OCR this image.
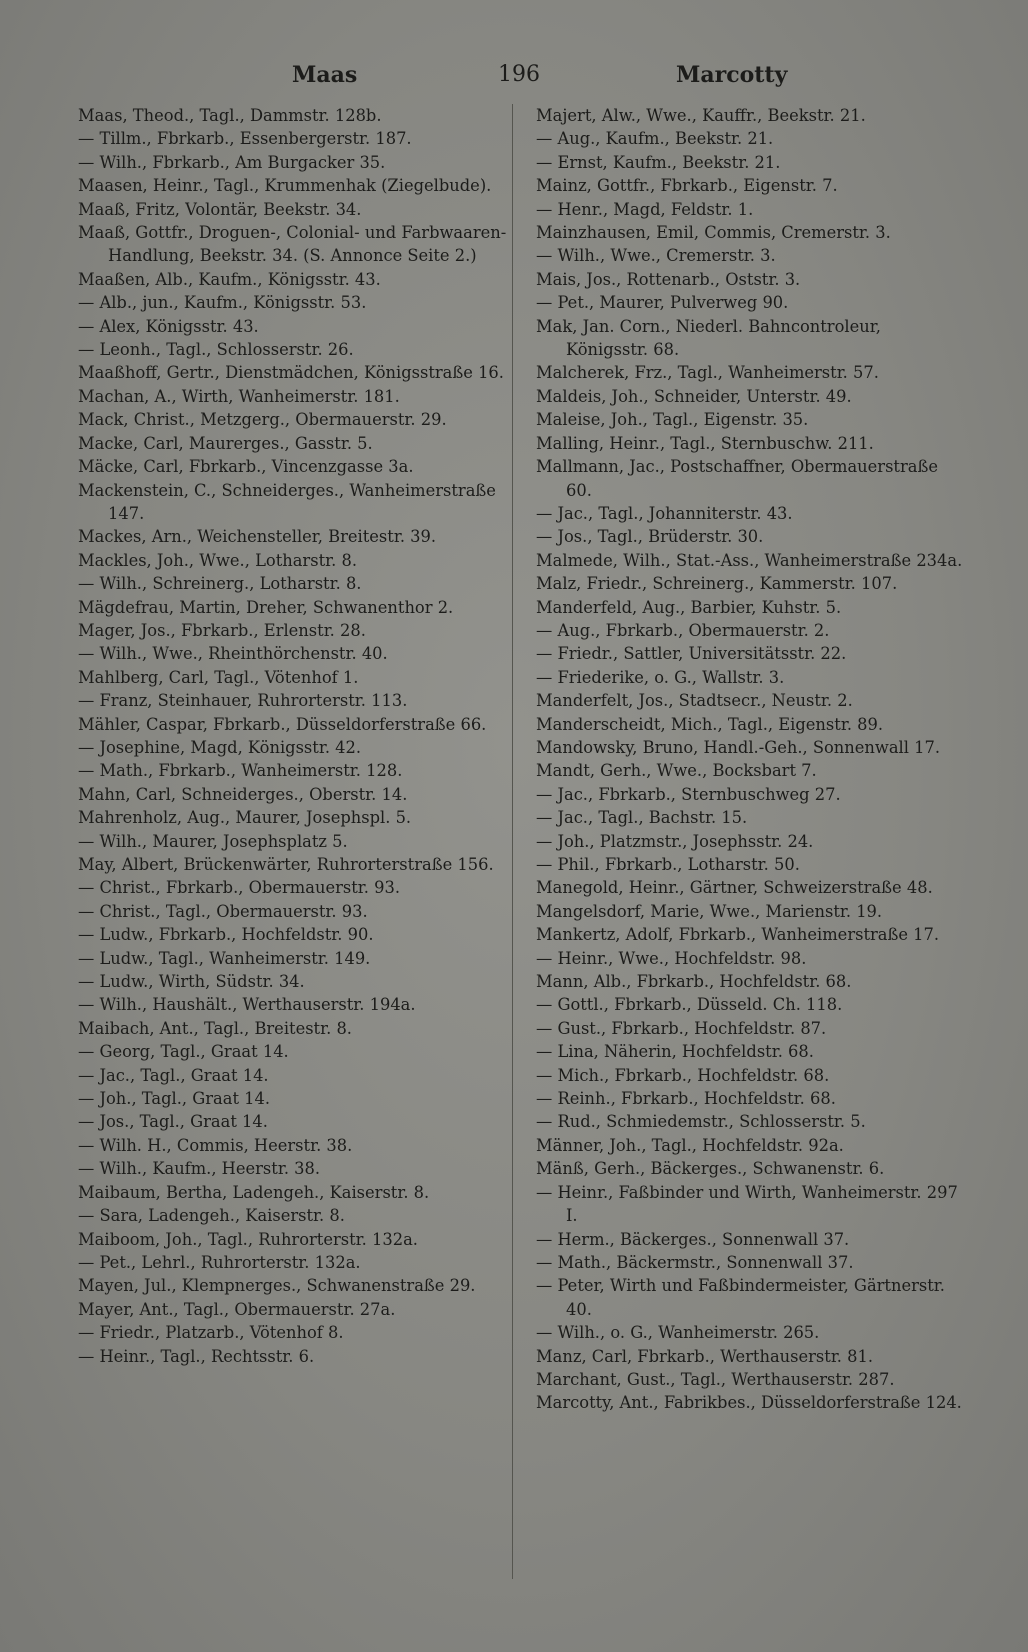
Maas	196	Marcotty

Maas, Theod., Tagl., Dammstr. 128b.

— Tillm., Fbrkarb., Essenbergerstr. 187.

— Wilh., Fbrkarb., Am Burgacker 35.

Maasen, Heinr., Tagl., Krummenhak (Ziegelbude).

Maaß, Fritz, Volontär, Beekstr. 34.

Maaß, Gottfr., Droguen-, Colonial- und Farbwaaren-Handlung, Beekstr. 34. (S. Annonce Seite 2.)

Maaßen, Alb., Kaufm., Königsstr. 43.

— Alb., jun., Kaufm., Königsstr. 53.

— Alex, Königsstr. 43.

— Leonh., Tagl., Schlosserstr. 26.

Maaßhoff, Gertr., Dienstmädchen, Königsstraße 16.

Machan, A., Wirth, Wanheimerstr. 181.

Mack, Christ., Metzgerg., Obermauerstr. 29.

Macke, Carl, Maurerges., Gasstr. 5.

Mäcke, Carl, Fbrkarb., Vincenzgasse 3a.

Mackenstein, C., Schneiderges., Wanheimerstraße 147.

Mackes, Arn., Weichensteller, Breitestr. 39.

Mackles, Joh., Wwe., Lotharstr. 8.

— Wilh., Schreinerg., Lotharstr. 8.

Mägdefrau, Martin, Dreher, Schwanenthor 2.

Mager, Jos., Fbrkarb., Erlenstr. 28.

— Wilh., Wwe., Rheinthörchenstr. 40.

Mahlberg, Carl, Tagl., Vötenhof 1.

— Franz, Steinhauer, Ruhrorterstr. 113.

Mähler, Caspar, Fbrkarb., Düsseldorferstraße 66.

— Josephine, Magd, Königsstr. 42.

— Math., Fbrkarb., Wanheimerstr. 128.

Mahn, Carl, Schneiderges., Oberstr. 14.

Mahrenholz, Aug., Maurer, Josephspl. 5.

— Wilh., Maurer, Josephsplatz 5.

May, Albert, Brückenwärter, Ruhrorterstraße 156.

— Christ., Fbrkarb., Obermauerstr. 93.

— Christ., Tagl., Obermauerstr. 93.

— Ludw., Fbrkarb., Hochfeldstr. 90.

— Ludw., Tagl., Wanheimerstr. 149.

— Ludw., Wirth, Südstr. 34.

— Wilh., Haushält., Werthauserstr. 194a.

Maibach, Ant., Tagl., Breitestr. 8.

— Georg, Tagl., Graat 14.

— Jac., Tagl., Graat 14.

— Joh., Tagl., Graat 14.

— Jos., Tagl., Graat 14.

— Wilh. H., Commis, Heerstr. 38.

— Wilh., Kaufm., Heerstr. 38.

Maibaum, Bertha, Ladengeh., Kaiserstr. 8.

— Sara, Ladengeh., Kaiserstr. 8.

Maiboom, Joh., Tagl., Ruhrorterstr. 132a.

— Pet., Lehrl., Ruhrorterstr. 132a.

Mayen, Jul., Klempnerges., Schwanenstraße 29.

Mayer, Ant., Tagl., Obermauerstr. 27a.

— Friedr., Platzarb., Vötenhof 8.

— Heinr., Tagl., Rechtsstr. 6.

Majert, Alw., Wwe., Kauffr., Beekstr. 21.

— Aug., Kaufm., Beekstr. 21.

— Ernst, Kaufm., Beekstr. 21.

Mainz, Gottfr., Fbrkarb., Eigenstr. 7.

— Henr., Magd, Feldstr. 1.

Mainzhausen, Emil, Commis, Cremerstr. 3.

— Wilh., Wwe., Cremerstr. 3.

Mais, Jos., Rottenarb., Oststr. 3.

— Pet., Maurer, Pulverweg 90.

Mak, Jan. Corn., Niederl. Bahncontroleur, Königsstr. 68.

Malcherek, Frz., Tagl., Wanheimerstr. 57.

Maldeis, Joh., Schneider, Unterstr. 49.

Maleise, Joh., Tagl., Eigenstr. 35.

Malling, Heinr., Tagl., Sternbuschw. 211.

Mallmann, Jac., Postschaffner, Obermauerstraße 60.

— Jac., Tagl., Johanniterstr. 43.

— Jos., Tagl., Brüderstr. 30.

Malmede, Wilh., Stat.-Ass., Wanheimerstraße 234a.

Malz, Friedr., Schreinerg., Kammerstr. 107.

Manderfeld, Aug., Barbier, Kuhstr. 5.

— Aug., Fbrkarb., Obermauerstr. 2.

— Friedr., Sattler, Universitätsstr. 22.

— Friederike, o. G., Wallstr. 3.

Manderfelt, Jos., Stadtsecr., Neustr. 2.

Manderscheidt, Mich., Tagl., Eigenstr. 89.

Mandowsky, Bruno, Handl.-Geh., Sonnenwall 17.

Mandt, Gerh., Wwe., Bocksbart 7.

— Jac., Fbrkarb., Sternbuschweg 27.

— Jac., Tagl., Bachstr. 15.

— Joh., Platzmstr., Josephsstr. 24.

— Phil., Fbrkarb., Lotharstr. 50.

Manegold, Heinr., Gärtner, Schweizerstraße 48.

Mangelsdorf, Marie, Wwe., Marienstr. 19.

Mankertz, Adolf, Fbrkarb., Wanheimerstraße 17.

— Heinr., Wwe., Hochfeldstr. 98.

Mann, Alb., Fbrkarb., Hochfeldstr. 68.

— Gottl., Fbrkarb., Düsseld. Ch. 118.

— Gust., Fbrkarb., Hochfeldstr. 87.

— Lina, Näherin, Hochfeldstr. 68.

— Mich., Fbrkarb., Hochfeldstr. 68.

— Reinh., Fbrkarb., Hochfeldstr. 68.

— Rud., Schmiedemstr., Schlosserstr. 5.

Männer, Joh., Tagl., Hochfeldstr. 92a.

Mänß, Gerh., Bäckerges., Schwanenstr. 6.

— Heinr., Faßbinder und Wirth, Wanheimerstr. 297 I.

— Herm., Bäckerges., Sonnenwall 37.

— Math., Bäckermstr., Sonnenwall 37.

— Peter, Wirth und Faßbindermeister, Gärtnerstr. 40.

— Wilh., o. G., Wanheimerstr. 265.

Manz, Carl, Fbrkarb., Werthauserstr. 81.

Marchant, Gust., Tagl., Werthauserstr. 287.

Marcotty, Ant., Fabrikbes., Düsseldorferstraße 124.
